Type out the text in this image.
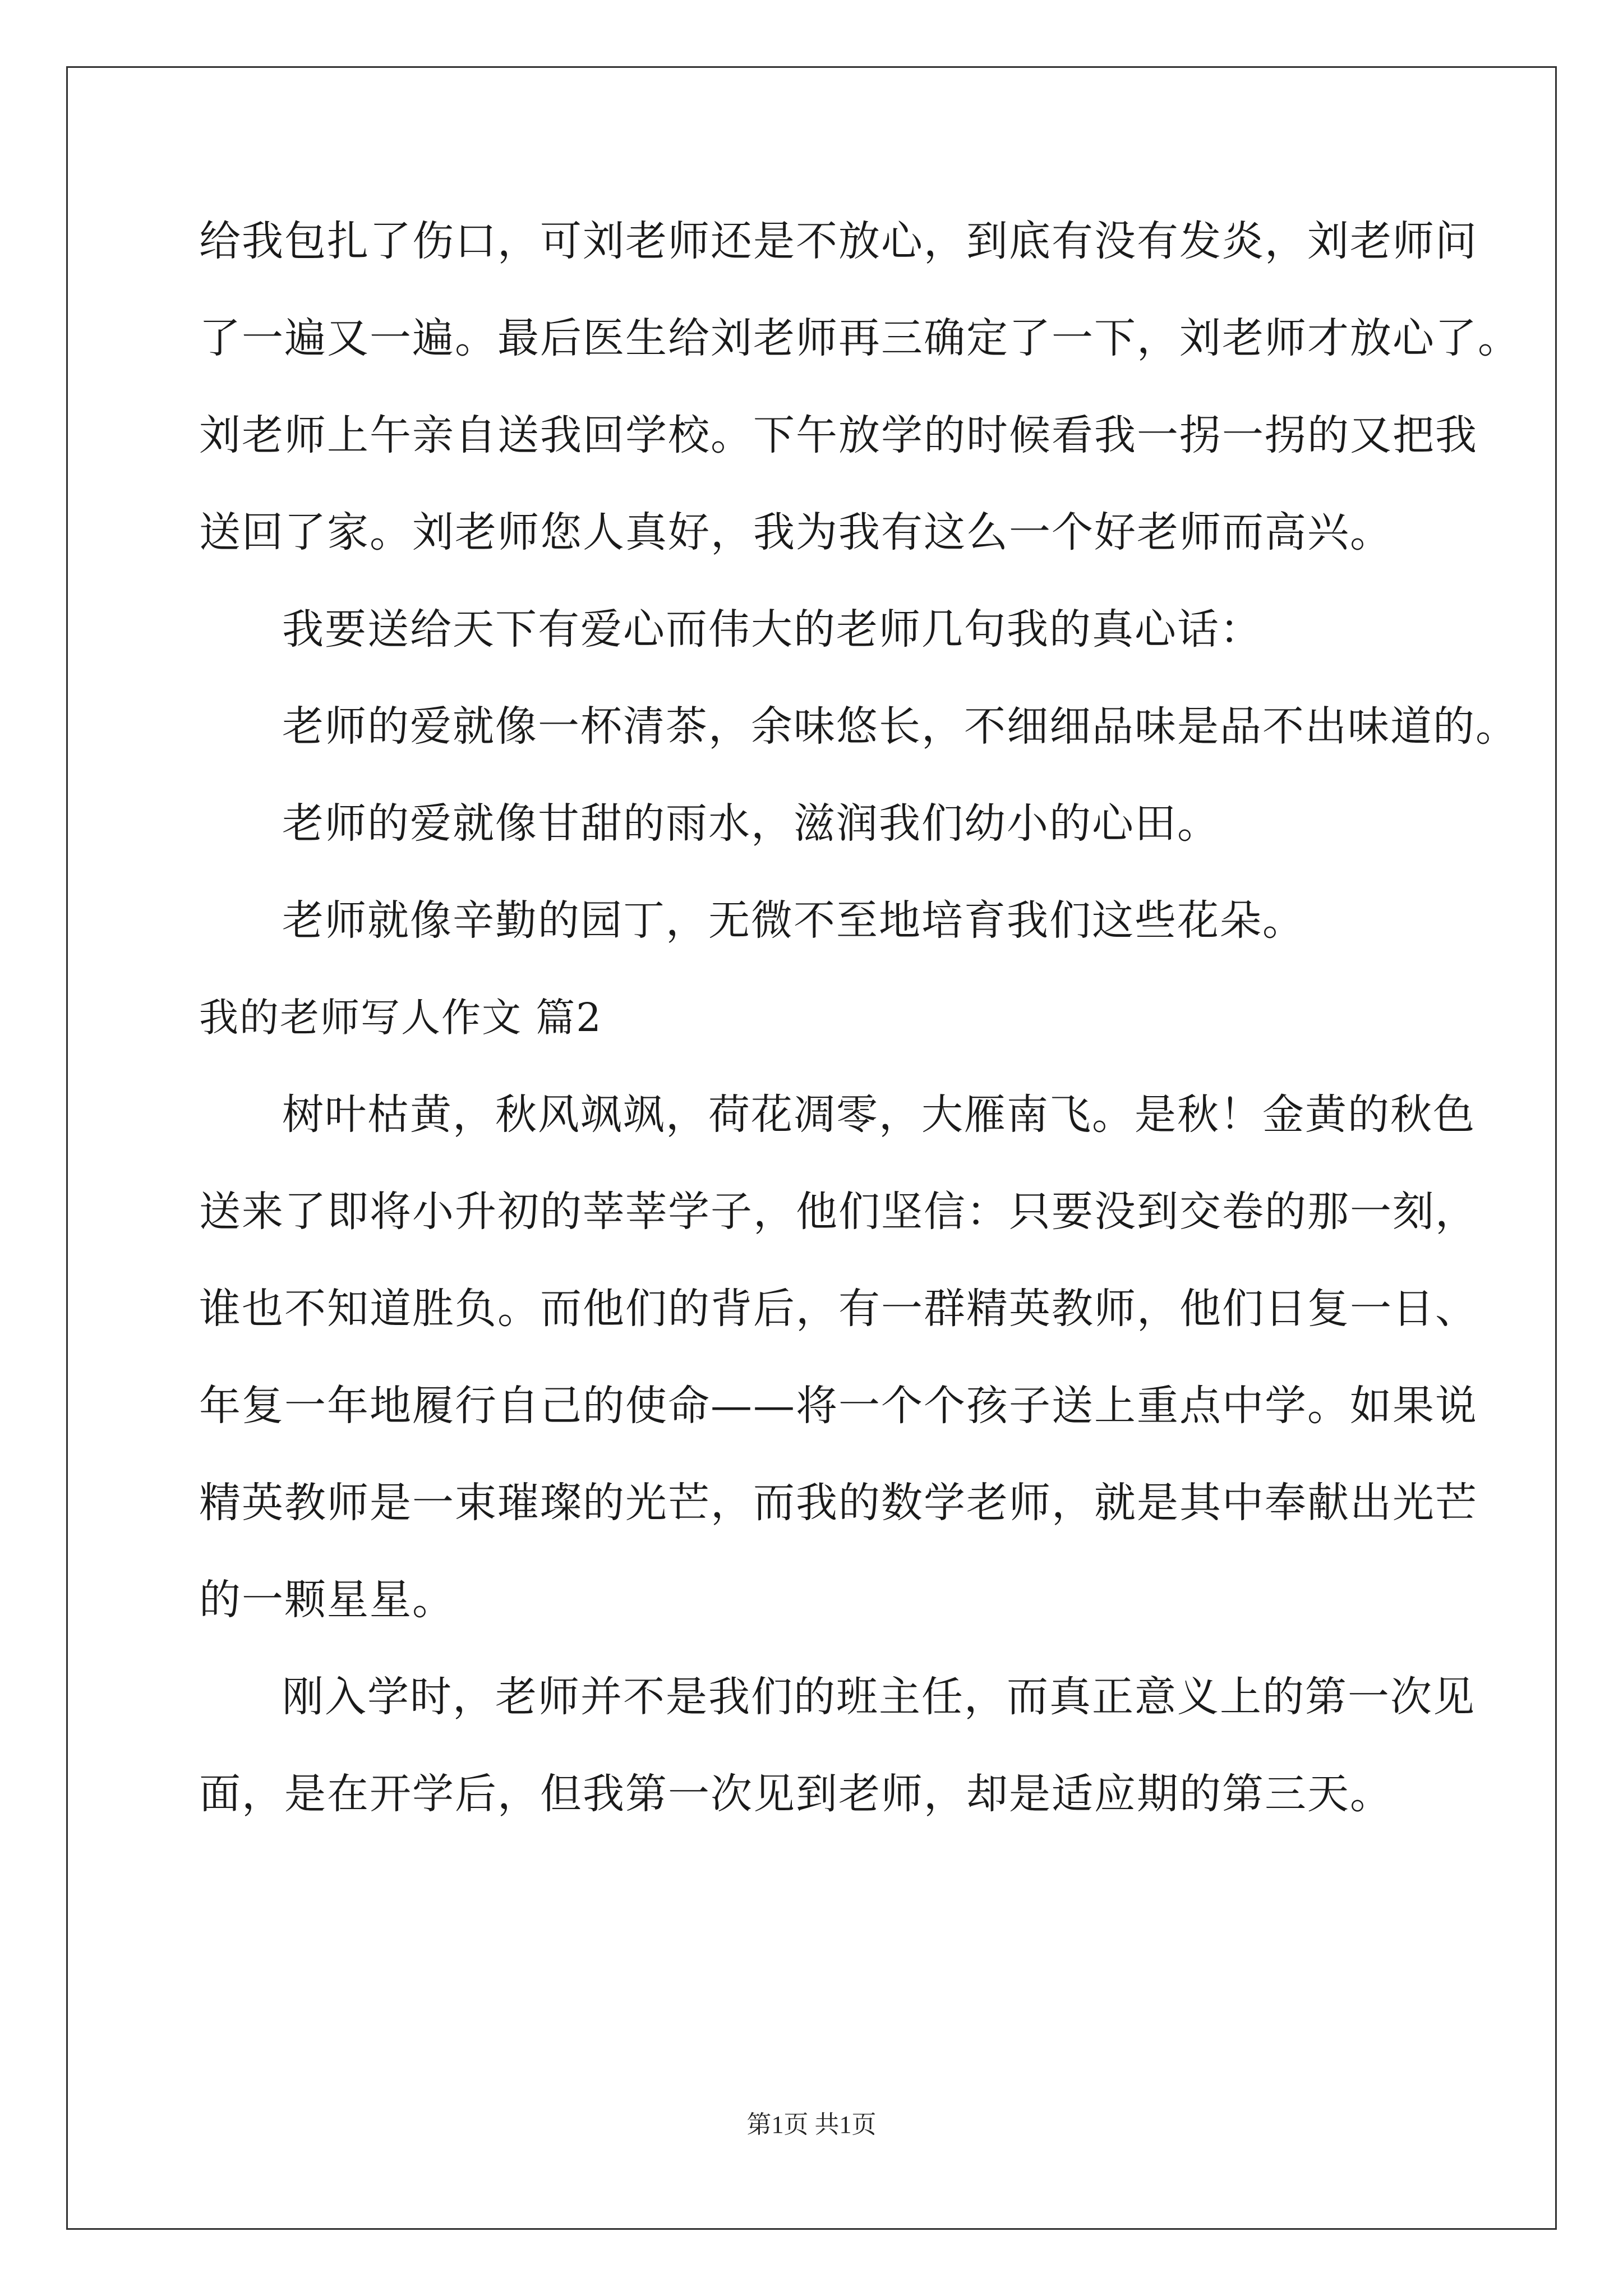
给我包扎了伤口，可刘老师还是不放心，到底有没有发炎，刘老师问
了一遍又一遍。最后医生给刘老师再三确定了一下，刘老师才放心了。
刘老师上午亲自送我回学校。下午放学的时候看我一拐一拐的又把我
送回了家。刘老师您人真好，我为我有这么一个好老师而高兴。
我要送给天下有爱心而伟大的老师几句我的真心话：
老师的爱就像一杯清茶，余味悠长，不细细品味是品不出味道的。
老师的爱就像甘甜的雨水，滋润我们幼小的心田。
老师就像辛勤的园丁，无微不至地培育我们这些花朵。
我的老师写人作文 篇2
树叶枯黄，秋风飒飒，荷花凋零，大雁南飞。是秋！金黄的秋色
送来了即将小升初的莘莘学子，他们坚信：只要没到交卷的那一刻，
谁也不知道胜负。而他们的背后，有一群精英教师，他们日复一日、
年复一年地履行自己的使命——将一个个孩子送上重点中学。如果说
精英教师是一束璀璨的光芒，而我的数学老师，就是其中奉献出光芒
的一颗星星。
刚入学时，老师并不是我们的班主任，而真正意义上的第一次见
面，是在开学后，但我第一次见到老师，却是适应期的第三天。
第1页 共1页
